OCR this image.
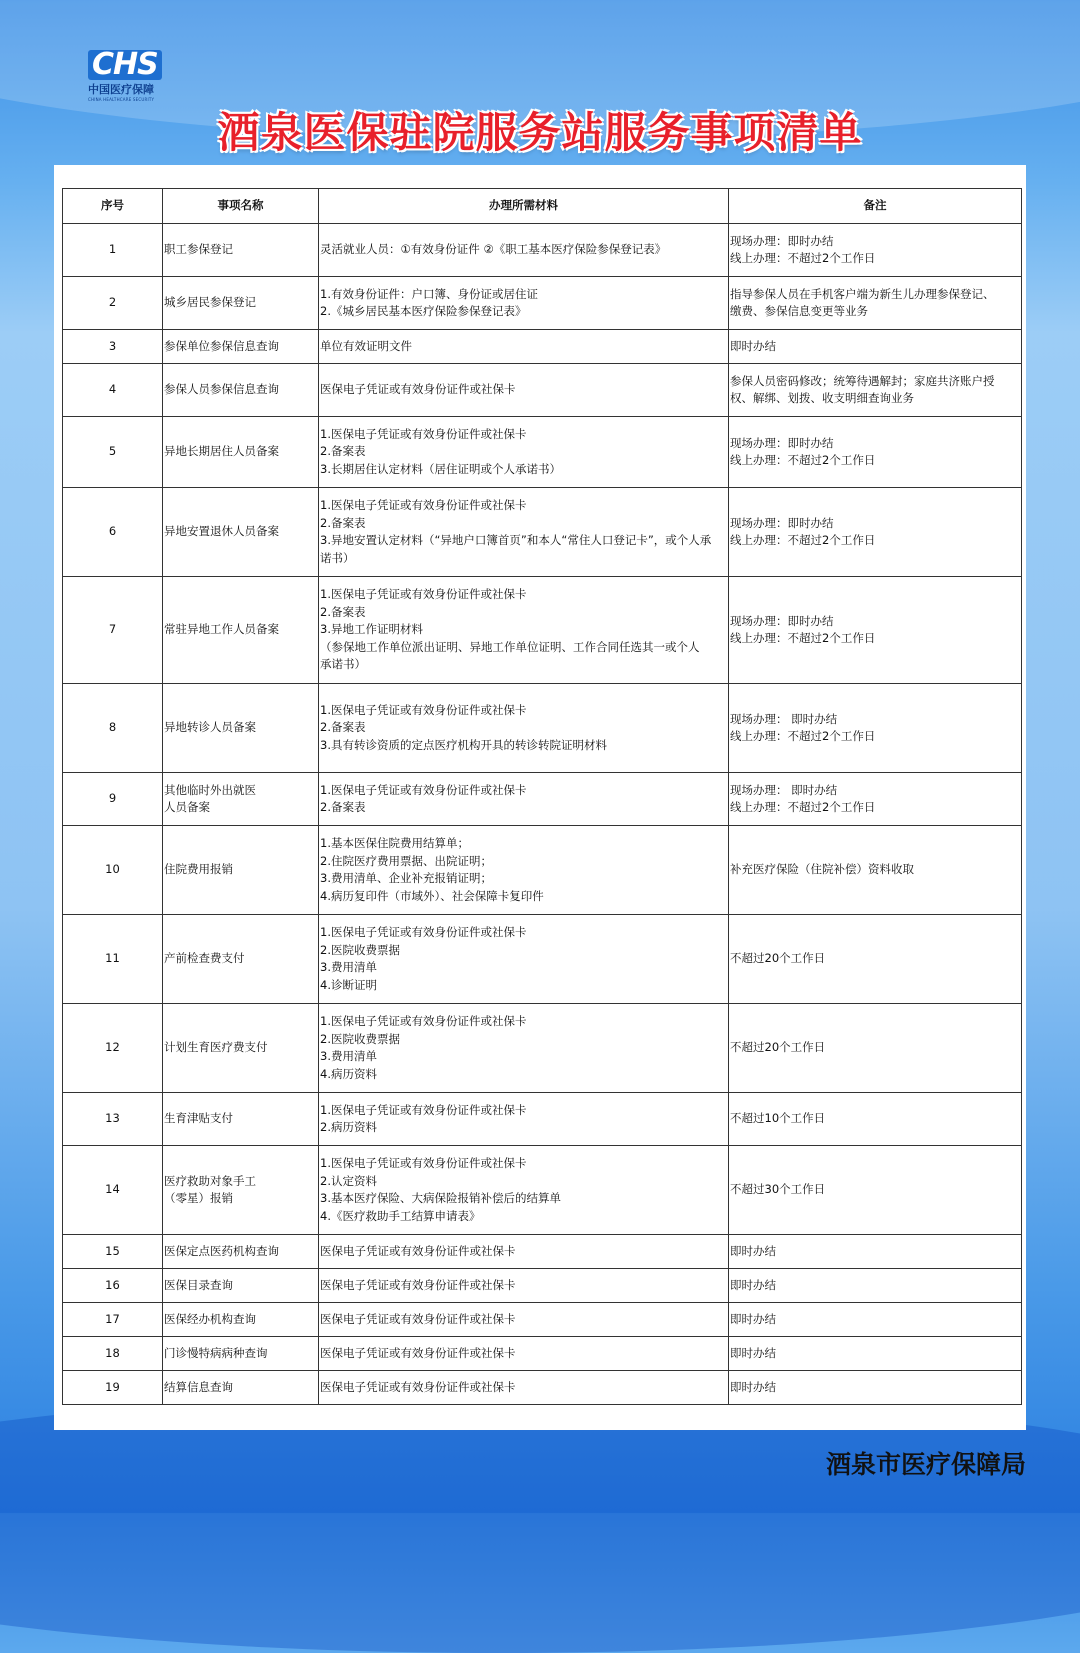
CHS
中国医疗保障
CHINA HEALTHCARE SECURITY
酒泉医保驻院服务站服务事项清单
序号	事项名称	办理所需材料	备注
1	职工参保登记	灵活就业人员：①有效身份证件 ②《职工基本医疗保险参保登记表》	现场办理：即时办结
线上办理：不超过2个工作日
2	城乡居民参保登记	1.有效身份证件：户口簿、身份证或居住证
2.《城乡居民基本医疗保险参保登记表》	指导参保人员在手机客户端为新生儿办理参保登记、
缴费、参保信息变更等业务
3	参保单位参保信息查询	单位有效证明文件	即时办结
4	参保人员参保信息查询	医保电子凭证或有效身份证件或社保卡	参保人员密码修改；统筹待遇解封；家庭共济账户授
权、解绑、划拨、收支明细查询业务
5	异地长期居住人员备案	1.医保电子凭证或有效身份证件或社保卡
2.备案表
3.长期居住认定材料（居住证明或个人承诺书）	现场办理：即时办结
线上办理：不超过2个工作日
6	异地安置退休人员备案	1.医保电子凭证或有效身份证件或社保卡
2.备案表
3.异地安置认定材料（“异地户口簿首页”和本人“常住人口登记卡”，或个人承
诺书）	现场办理：即时办结
线上办理：不超过2个工作日
7	常驻异地工作人员备案	1.医保电子凭证或有效身份证件或社保卡
2.备案表
3.异地工作证明材料
（参保地工作单位派出证明、异地工作单位证明、工作合同任选其一或个人
承诺书）	现场办理：即时办结
线上办理：不超过2个工作日
8	异地转诊人员备案	1.医保电子凭证或有效身份证件或社保卡
2.备案表
3.具有转诊资质的定点医疗机构开具的转诊转院证明材料	现场办理： 即时办结
线上办理：不超过2个工作日
9	其他临时外出就医
人员备案	1.医保电子凭证或有效身份证件或社保卡
2.备案表	现场办理： 即时办结
线上办理：不超过2个工作日
10	住院费用报销	1.基本医保住院费用结算单；
2.住院医疗费用票据、出院证明；
3.费用清单、企业补充报销证明；
4.病历复印件（市域外）、社会保障卡复印件	补充医疗保险（住院补偿）资料收取
11	产前检查费支付	1.医保电子凭证或有效身份证件或社保卡
2.医院收费票据
3.费用清单
4.诊断证明	不超过20个工作日
12	计划生育医疗费支付	1.医保电子凭证或有效身份证件或社保卡
2.医院收费票据
3.费用清单
4.病历资料	不超过20个工作日
13	生育津贴支付	1.医保电子凭证或有效身份证件或社保卡
2.病历资料	不超过10个工作日
14	医疗救助对象手工
（零星）报销	1.医保电子凭证或有效身份证件或社保卡
2.认定资料
3.基本医疗保险、大病保险报销补偿后的结算单
4.《医疗救助手工结算申请表》	不超过30个工作日
15	医保定点医药机构查询	医保电子凭证或有效身份证件或社保卡	即时办结
16	医保目录查询	医保电子凭证或有效身份证件或社保卡	即时办结
17	医保经办机构查询	医保电子凭证或有效身份证件或社保卡	即时办结
18	门诊慢特病病种查询	医保电子凭证或有效身份证件或社保卡	即时办结
19	结算信息查询	医保电子凭证或有效身份证件或社保卡	即时办结
酒泉市医疗保障局
